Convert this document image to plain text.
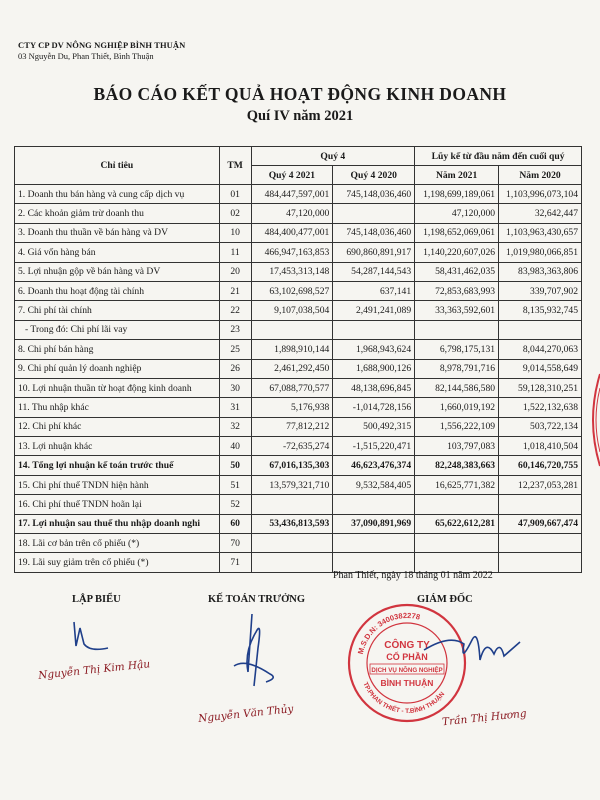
CTY CP DV NÔNG NGHIỆP BÌNH THUẬN
03 Nguyễn Du, Phan Thiết, Bình Thuận
BÁO CÁO KẾT QUẢ HOẠT ĐỘNG KINH DOANH
Quí IV năm 2021
Chỉ tiêu	TM	Quý 4		Lũy kế từ đầu năm đến cuối quý	
		Quý 4 2021	Quý 4 2020	Năm 2021	Năm 2020
1. Doanh thu bán hàng và cung cấp dịch vụ	01	484,447,597,001	745,148,036,460	1,198,699,189,061	1,103,996,073,104
2. Các khoản giảm trừ doanh thu	02	47,120,000		47,120,000	32,642,447
3. Doanh thu thuần về bán hàng và DV	10	484,400,477,001	745,148,036,460	1,198,652,069,061	1,103,963,430,657
4. Giá vốn hàng bán	11	466,947,163,853	690,860,891,917	1,140,220,607,026	1,019,980,066,851
5. Lợi nhuận gộp về bán hàng và DV	20	17,453,313,148	54,287,144,543	58,431,462,035	83,983,363,806
6. Doanh thu hoạt động tài chính	21	63,102,698,527	637,141	72,853,683,993	339,707,902
7. Chi phí tài chính	22	9,107,038,504	2,491,241,089	33,363,592,601	8,135,932,745
- Trong đó: Chi phí lãi vay	23				
8. Chi phí bán hàng	25	1,898,910,144	1,968,943,624	6,798,175,131	8,044,270,063
9. Chi phí quản lý doanh nghiệp	26	2,461,292,450	1,688,900,126	8,978,791,716	9,014,558,649
10. Lợi nhuận thuần từ hoạt động kinh doanh	30	67,088,770,577	48,138,696,845	82,144,586,580	59,128,310,251
11. Thu nhập khác	31	5,176,938	-1,014,728,156	1,660,019,192	1,522,132,638
12. Chi phí khác	32	77,812,212	500,492,315	1,556,222,109	503,722,134
13. Lợi nhuận khác	40	-72,635,274	-1,515,220,471	103,797,083	1,018,410,504
14. Tổng lợi nhuận kế toán trước thuế	50	67,016,135,303	46,623,476,374	82,248,383,663	60,146,720,755
15. Chi phí thuế TNDN hiện hành	51	13,579,321,710	9,532,584,405	16,625,771,382	12,237,053,281
16. Chi phí thuế TNDN hoãn lại	52				
17. Lợi nhuận sau thuế thu nhập doanh nghi	60	53,436,813,593	37,090,891,969	65,622,612,281	47,909,667,474
18. Lãi cơ bản trên cổ phiếu (*)	70				
19. Lãi suy giảm trên cổ phiếu (*)	71				
Phan Thiết, ngày 18 tháng 01 năm 2022
LẬP BIỂU	KẾ TOÁN TRƯỞNG	GIÁM ĐỐC
Nguyễn Thị Kim Hậu
Nguyễn Văn Thủy
M.S.D.N: 3400382278
TP.PHAN THIẾT - T.BÌNH THUẬN
CÔNG TY
CỔ PHẦN
DỊCH VỤ NÔNG NGHIỆP
BÌNH THUẬN
Trần Thị Hương
